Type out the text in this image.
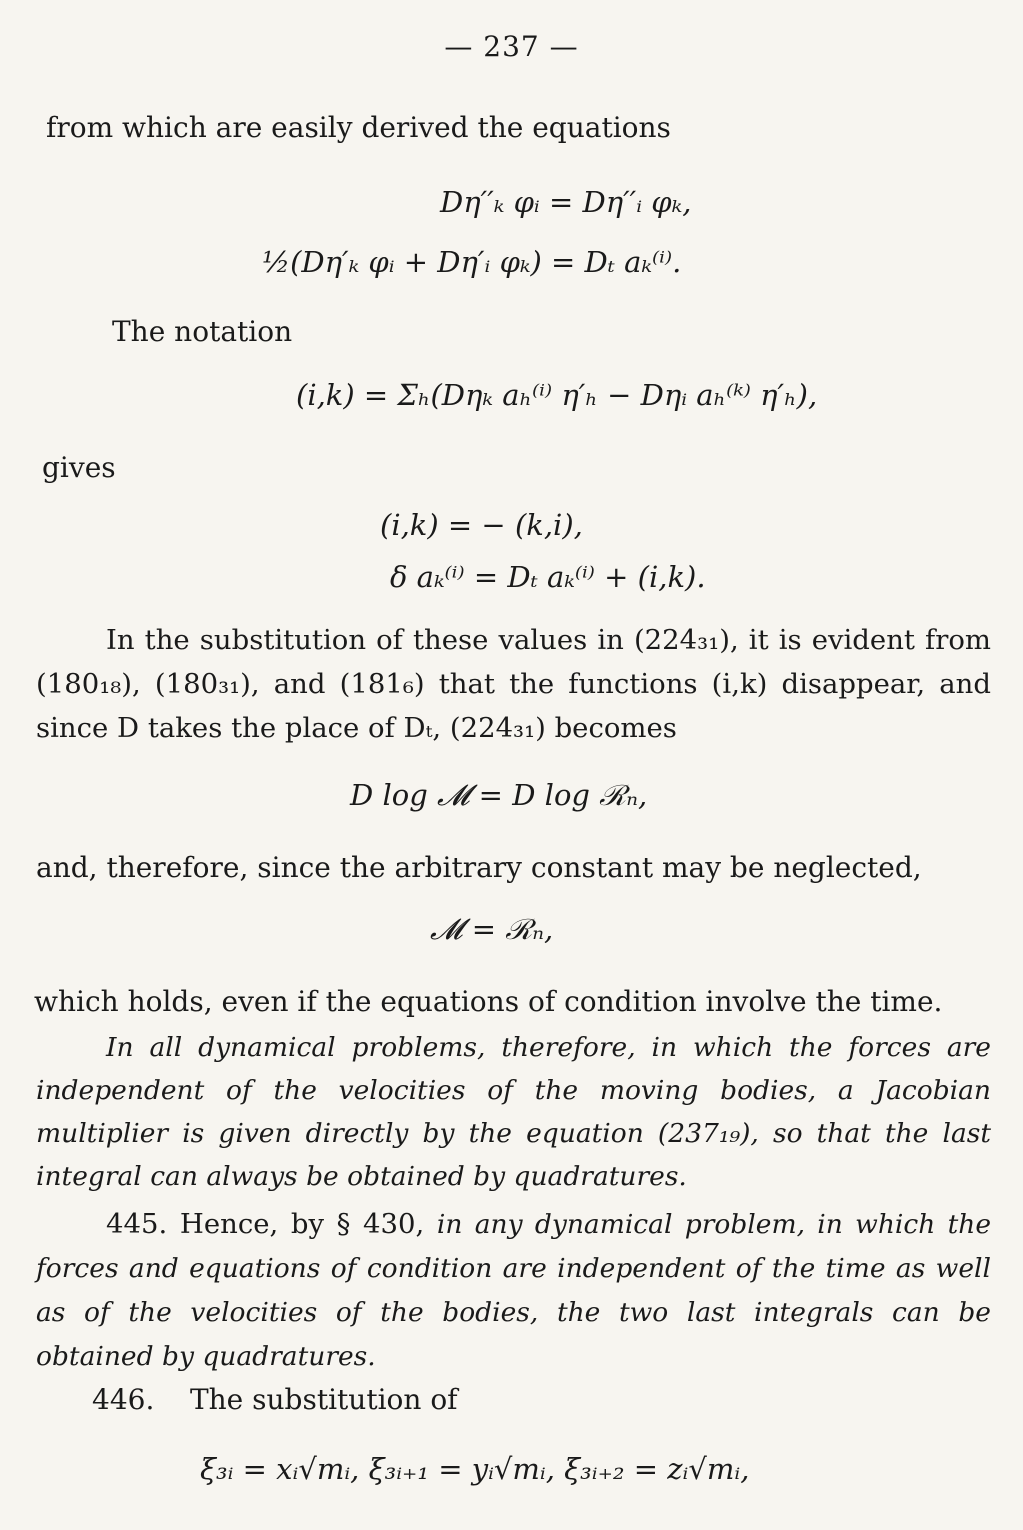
— 237 —
from which are easily derived the equations
Dη′′ₖ φᵢ = Dη′′ᵢ φₖ,
½(Dη′ₖ φᵢ + Dη′ᵢ φₖ) = Dₜ aₖ⁽ⁱ⁾.
The notation
(i,k) = Σₕ(Dηₖ aₕ⁽ⁱ⁾ η′ₕ − Dηᵢ aₕ⁽ᵏ⁾ η′ₕ),
gives
(i,k) = − (k,i),
δ aₖ⁽ⁱ⁾ = Dₜ aₖ⁽ⁱ⁾ + (i,k).
In the substitution of these values in (224₃₁), it is evident from (180₁₈), (180₃₁), and (181₆) that the functions (i,k) disappear, and since D takes the place of Dₜ, (224₃₁) becomes
D log 𝓜 = D log ℛₙ,
and, therefore, since the arbitrary constant may be neglected,
𝓜 = ℛₙ,
which holds, even if the equations of condition involve the time.
In all dynamical problems, therefore, in which the forces are independent of the velocities of the moving bodies, a Jacobian multiplier is given directly by the equation (237₁₉), so that the last integral can always be obtained by quadratures.
445. Hence, by § 430, in any dynamical problem, in which the forces and equations of condition are independent of the time as well as of the velocities of the bodies, the two last integrals can be obtained by quadratures.
446. The substitution of
ξ₃ᵢ = xᵢ√mᵢ, ξ₃ᵢ₊₁ = yᵢ√mᵢ, ξ₃ᵢ₊₂ = zᵢ√mᵢ,
